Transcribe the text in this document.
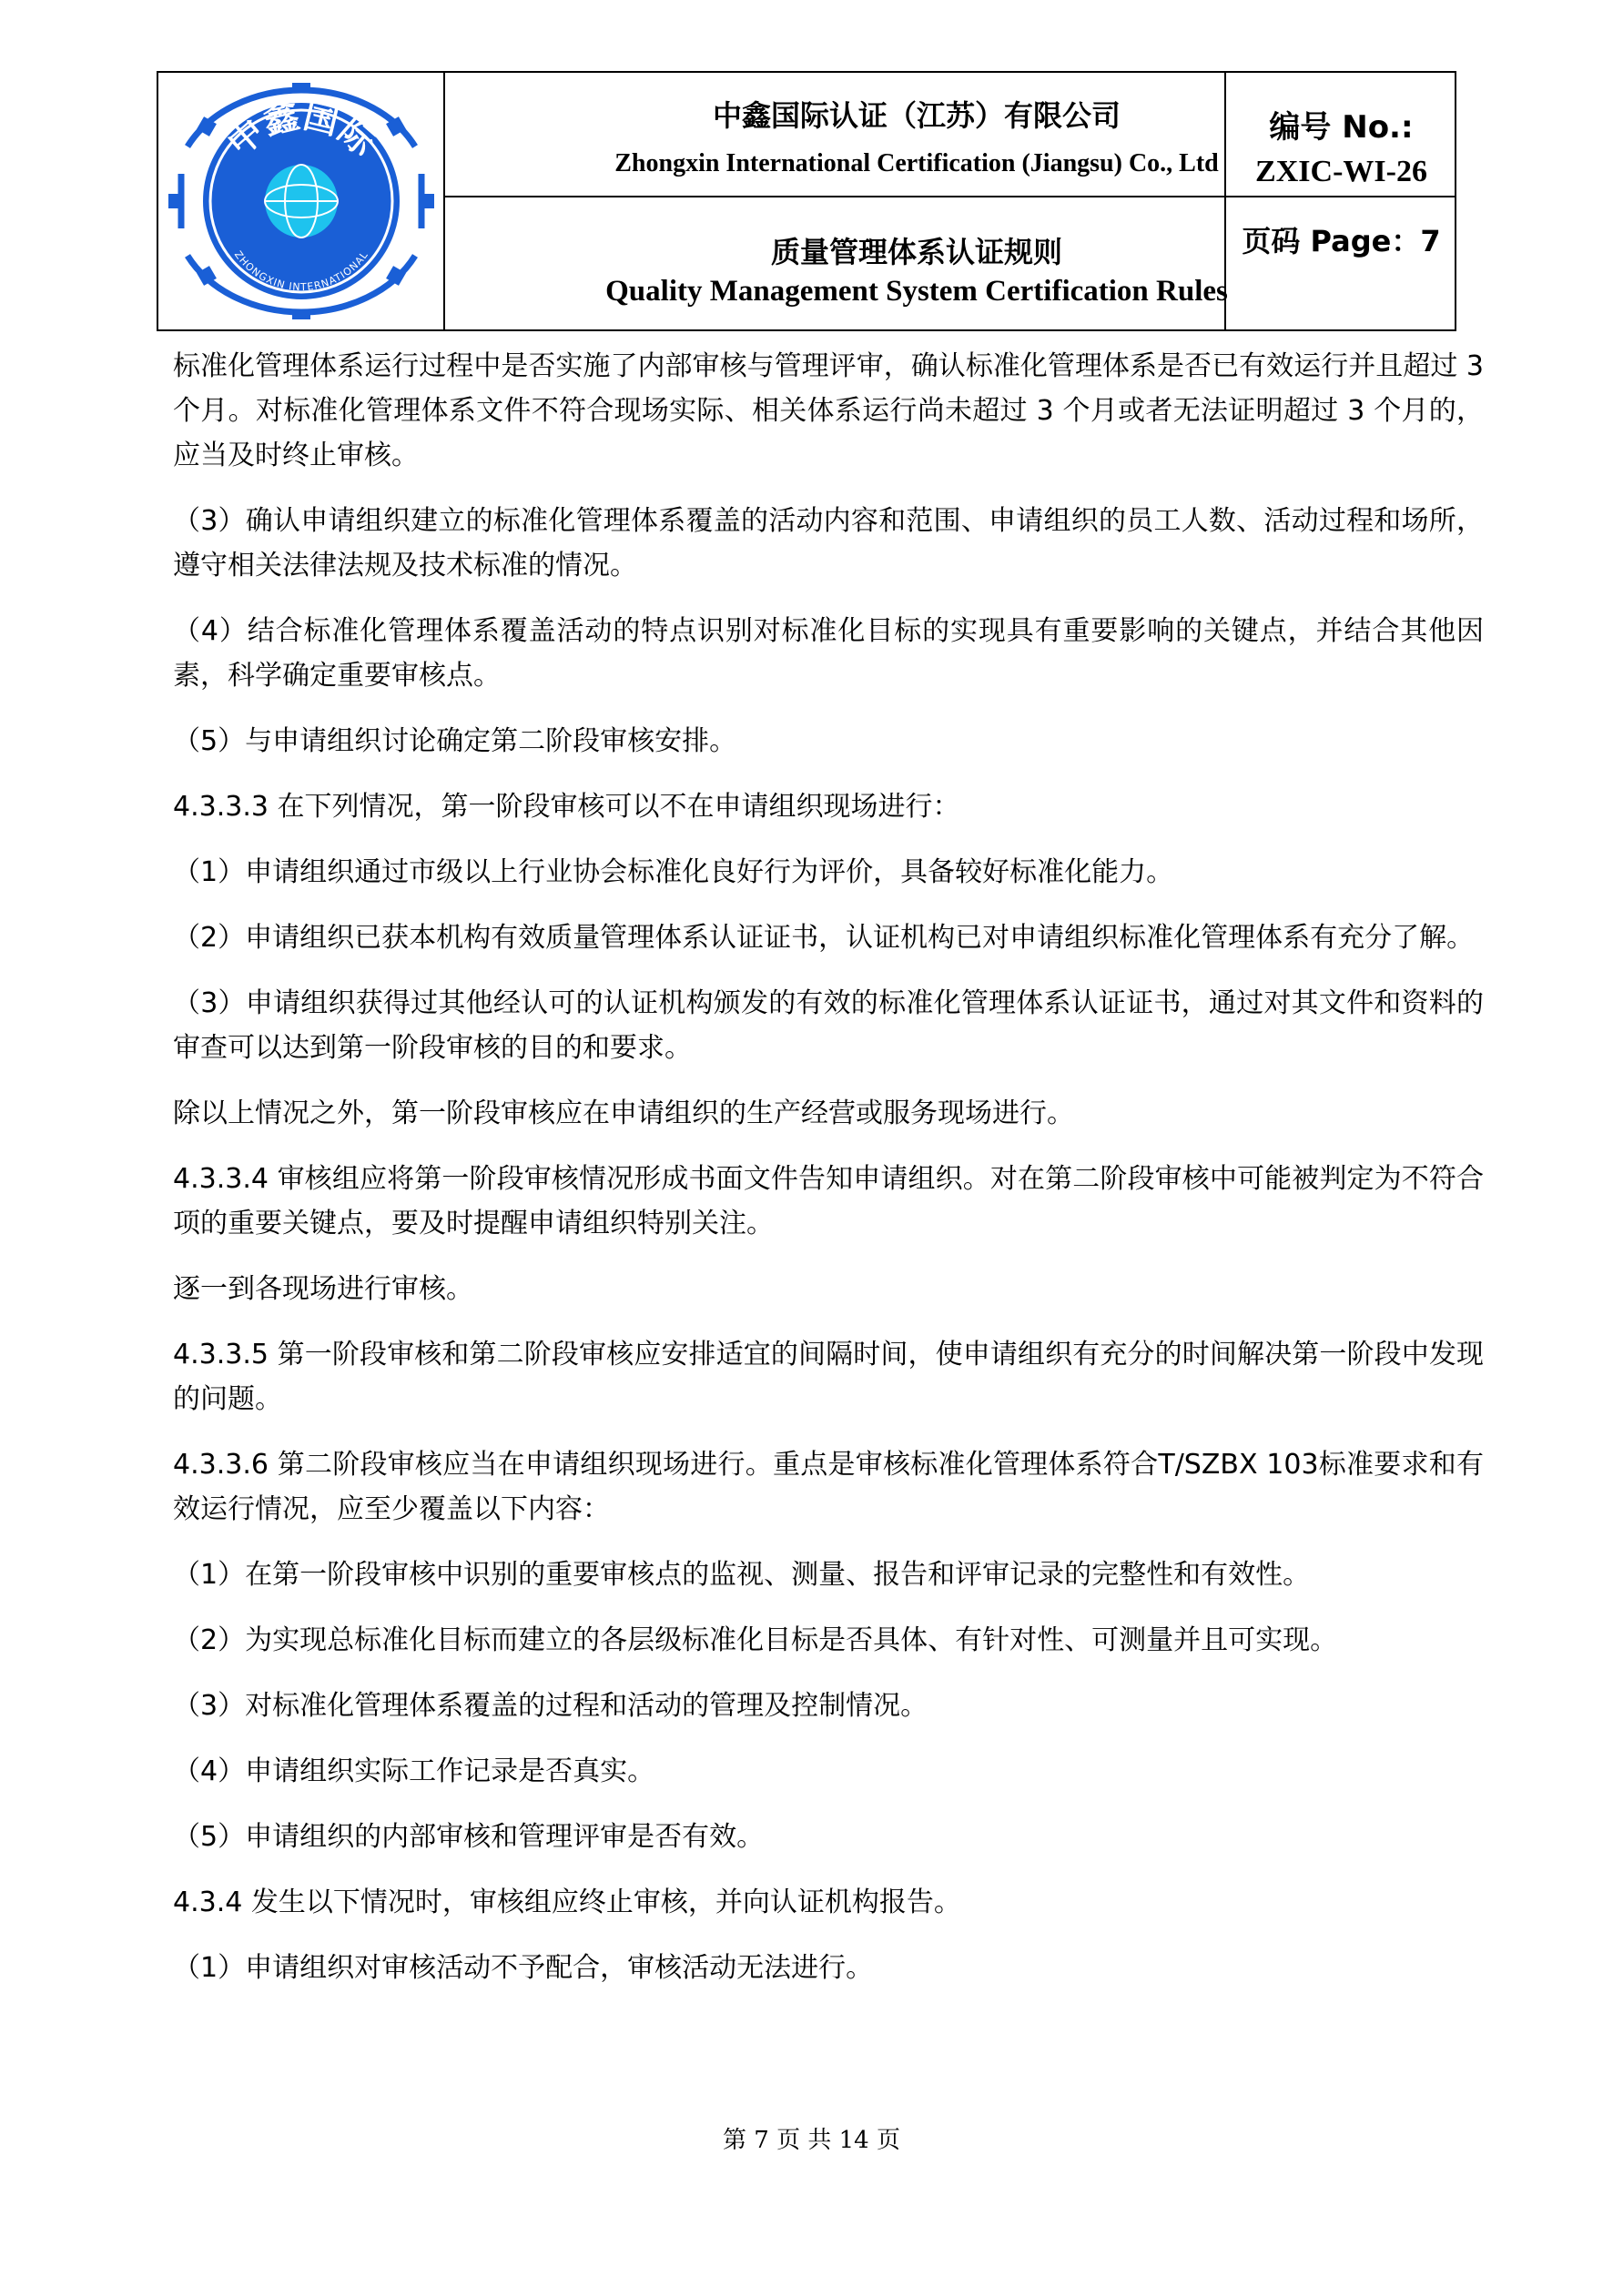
中鑫国际
ZHONGXIN INTERNATIONAL
中鑫国际认证（江苏）有限公司
Zhongxin International Certification (Jiangsu) Co., Ltd
质量管理体系认证规则
Quality Management System Certification Rules
编号 No.:
ZXIC-WI-26
页码 Page：7

标准化管理体系运行过程中是否实施了内部审核与管理评审，确认标准化管理体系是否已有效运行并且超过 3 个月。对标准化管理体系文件不符合现场实际、相关体系运行尚未超过 3 个月或者无法证明超过 3 个月的，应当及时终止审核。

（3）确认申请组织建立的标准化管理体系覆盖的活动内容和范围、申请组织的员工人数、活动过程和场所，遵守相关法律法规及技术标准的情况。

（4）结合标准化管理体系覆盖活动的特点识别对标准化目标的实现具有重要影响的关键点，并结合其他因素，科学确定重要审核点。

（5）与申请组织讨论确定第二阶段审核安排。

4.3.3.3 在下列情况，第一阶段审核可以不在申请组织现场进行：

（1）申请组织通过市级以上行业协会标准化良好行为评价，具备较好标准化能力。

（2）申请组织已获本机构有效质量管理体系认证证书，认证机构已对申请组织标准化管理体系有充分了解。

（3）申请组织获得过其他经认可的认证机构颁发的有效的标准化管理体系认证证书，通过对其文件和资料的审查可以达到第一阶段审核的目的和要求。

除以上情况之外，第一阶段审核应在申请组织的生产经营或服务现场进行。

4.3.3.4 审核组应将第一阶段审核情况形成书面文件告知申请组织。对在第二阶段审核中可能被判定为不符合项的重要关键点，要及时提醒申请组织特别关注。

逐一到各现场进行审核。

4.3.3.5 第一阶段审核和第二阶段审核应安排适宜的间隔时间，使申请组织有充分的时间解决第一阶段中发现的问题。

4.3.3.6 第二阶段审核应当在申请组织现场进行。重点是审核标准化管理体系符合T/SZBX 103标准要求和有效运行情况，应至少覆盖以下内容：

（1）在第一阶段审核中识别的重要审核点的监视、测量、报告和评审记录的完整性和有效性。

（2）为实现总标准化目标而建立的各层级标准化目标是否具体、有针对性、可测量并且可实现。

（3）对标准化管理体系覆盖的过程和活动的管理及控制情况。

（4）申请组织实际工作记录是否真实。

（5）申请组织的内部审核和管理评审是否有效。

4.3.4 发生以下情况时，审核组应终止审核，并向认证机构报告。

（1）申请组织对审核活动不予配合，审核活动无法进行。

第 7 页 共 14 页
